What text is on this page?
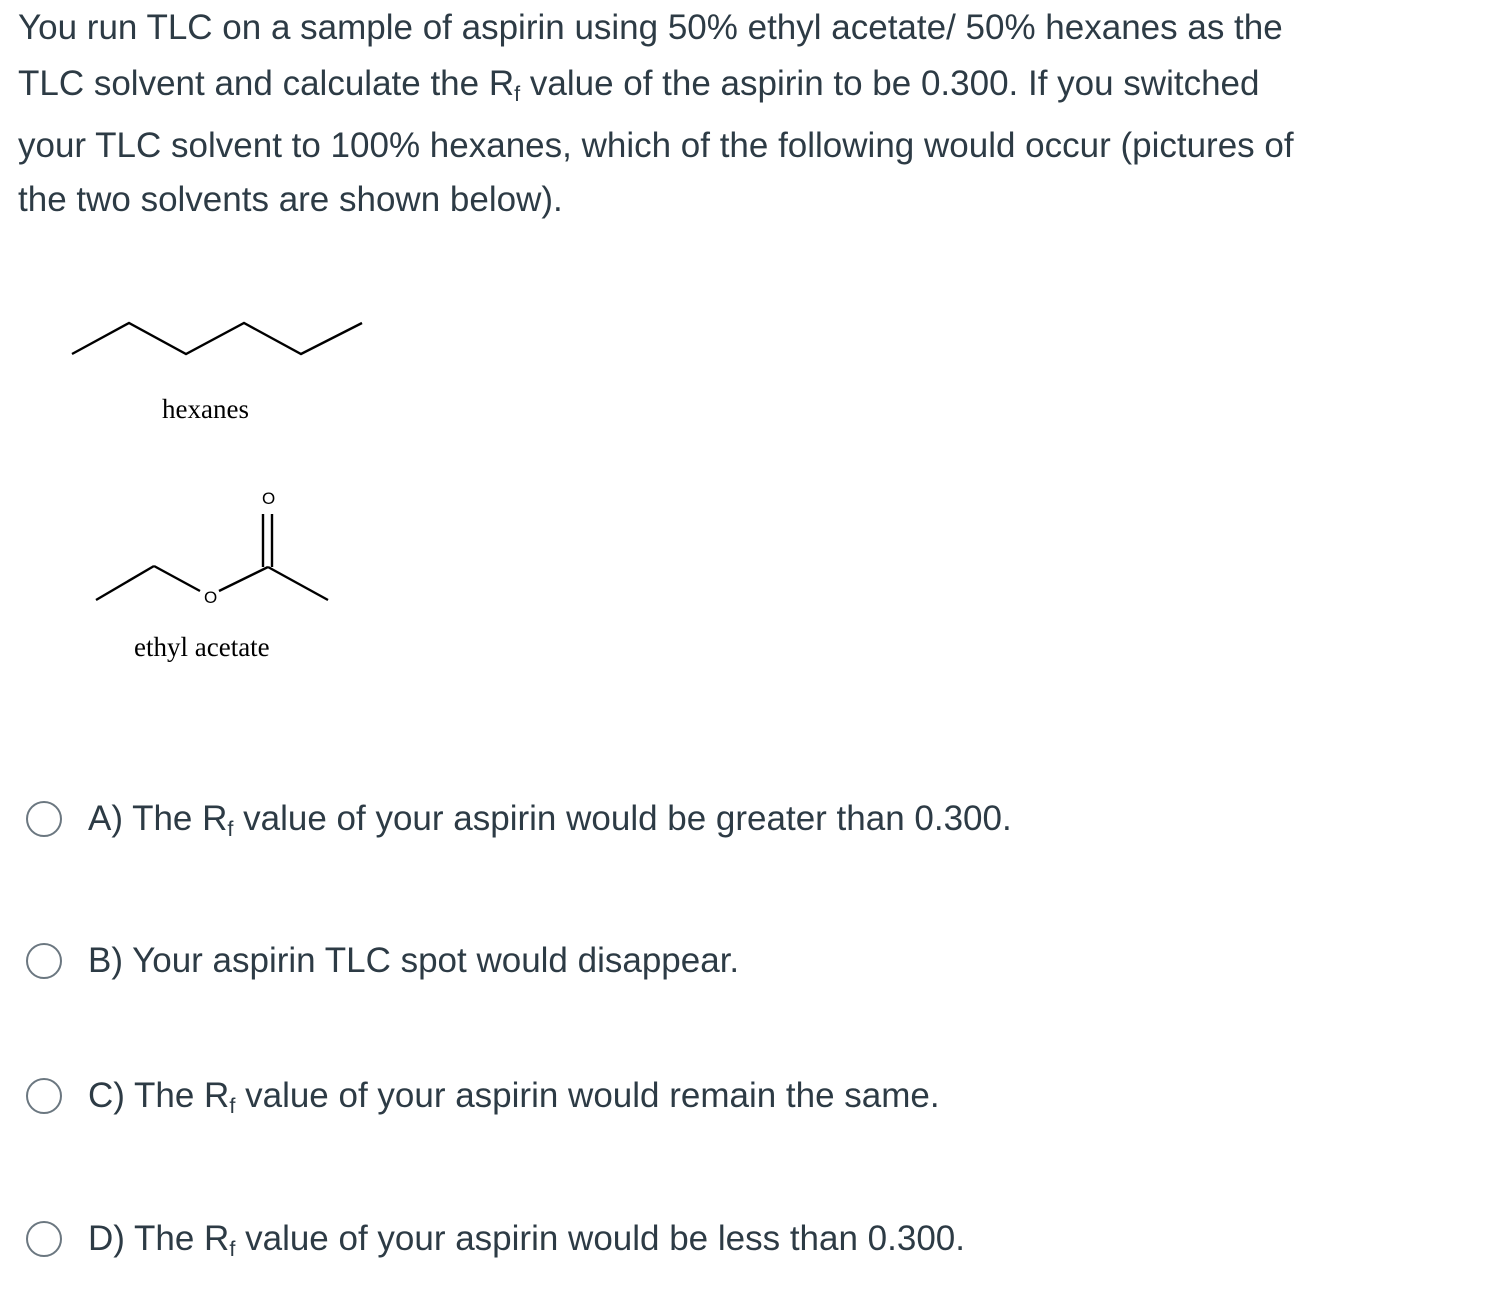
You run TLC on a sample of aspirin using 50% ethyl acetate/ 50% hexanes as the
TLC solvent and calculate the $R_f$ value of the aspirin to be 0.300. If you switched
your TLC solvent to 100% hexanes, which of the following would occur (pictures of
the two solvents are shown below).
hexanes
O
O
ethyl acetate
A) The $R_f$ value of your aspirin would be greater than 0.300.
B) Your aspirin TLC spot would disappear.
C) The $R_f$ value of your aspirin would remain the same.
D) The $R_f$ value of your aspirin would be less than 0.300.
